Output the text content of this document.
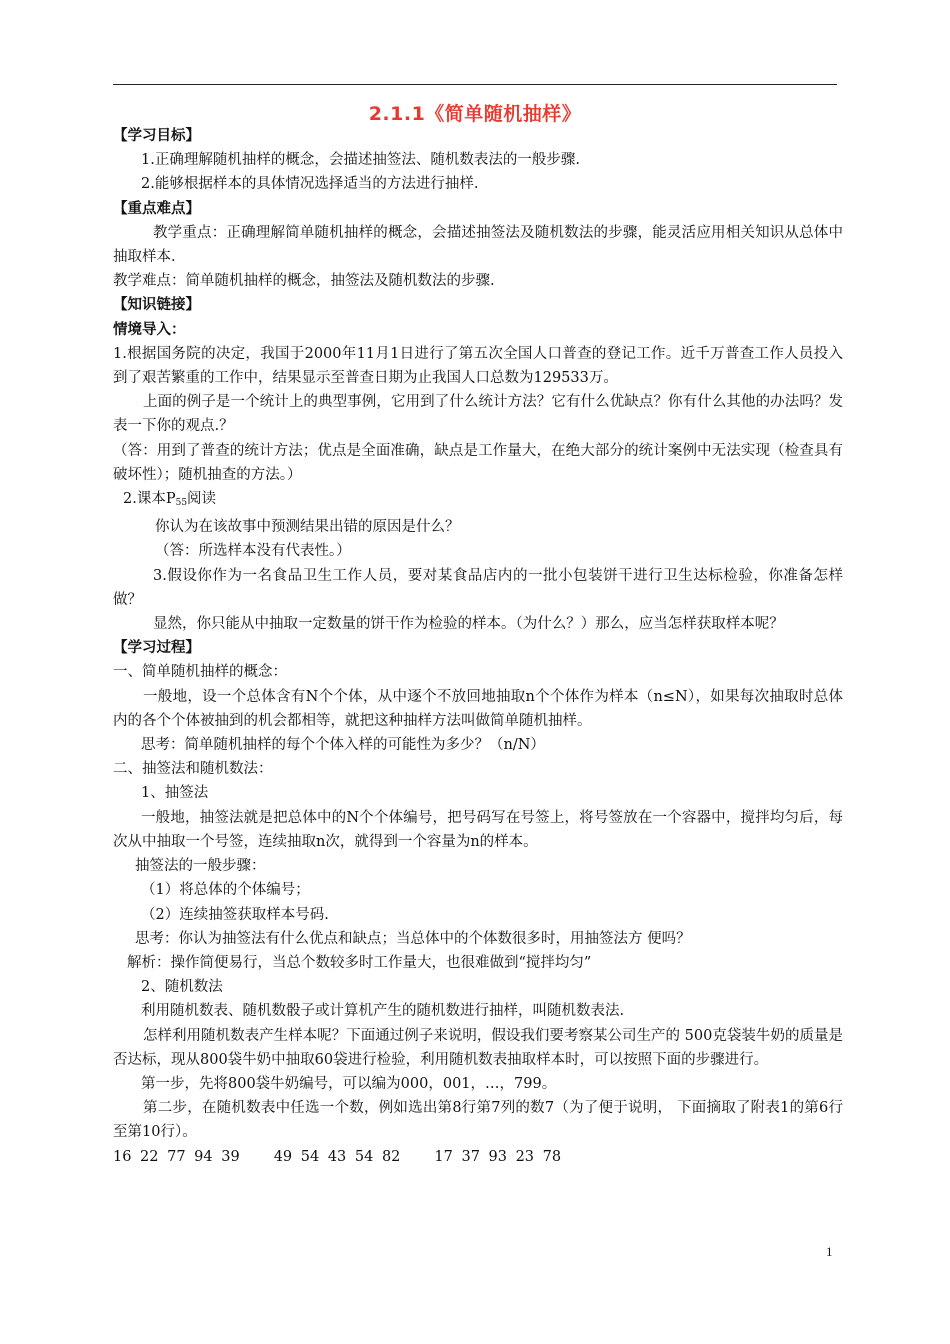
2.1.1《简单随机抽样》

【学习目标】

1.正确理解随机抽样的概念，会描述抽签法、随机数表法的一般步骤.

2.能够根据样本的具体情况选择适当的方法进行抽样.

【重点难点】

教学重点：正确理解简单随机抽样的概念，会描述抽签法及随机数法的步骤，能灵活应用相关知识从总体中抽取样本.

教学难点：简单随机抽样的概念，抽签法及随机数法的步骤.

【知识链接】

情境导入：

1.根据国务院的决定，我国于2000年11月1日进行了第五次全国人口普查的登记工作。近千万普查工作人员投入到了艰苦繁重的工作中，结果显示至普查日期为止我国人口总数为129533万。

上面的例子是一个统计上的典型事例，它用到了什么统计方法？它有什么优缺点？你有什么其他的办法吗？发表一下你的观点.？

（答：用到了普查的统计方法；优点是全面准确，缺点是工作量大，在绝大部分的统计案例中无法实现（检查具有破坏性）；随机抽查的方法。）

2.课本$P_{55}$阅读

你认为在该故事中预测结果出错的原因是什么？

（答：所选样本没有代表性。）

3.假设你作为一名食品卫生工作人员，要对某食品店内的一批小包装饼干进行卫生达标检验，你准备怎样做？

显然，你只能从中抽取一定数量的饼干作为检验的样本。（为什么？）那么，应当怎样获取样本呢？

【学习过程】

一、简单随机抽样的概念：

一般地，设一个总体含有N个个体，从中逐个不放回地抽取n个个体作为样本（n≤N），如果每次抽取时总体内的各个个体被抽到的机会都相等，就把这种抽样方法叫做简单随机抽样。

思考：简单随机抽样的每个个体入样的可能性为多少？（n/N）

二、抽签法和随机数法：

1、抽签法

一般地，抽签法就是把总体中的N个个体编号，把号码写在号签上，将号签放在一个容器中，搅拌均匀后，每次从中抽取一个号签，连续抽取n次，就得到一个容量为n的样本。

抽签法的一般步骤：

（1）将总体的个体编号；

（2）连续抽签获取样本号码.

思考：你认为抽签法有什么优点和缺点；当总体中的个体数很多时，用抽签法方 便吗？

解析：操作简便易行，当总个数较多时工作量大，也很难做到“搅拌均匀”

2、随机数法

利用随机数表、随机数骰子或计算机产生的随机数进行抽样，叫随机数表法.

怎样利用随机数表产生样本呢？下面通过例子来说明，假设我们要考察某公司生产的 500克袋装牛奶的质量是否达标，现从800袋牛奶中抽取60袋进行检验，利用随机数表抽取样本时，可以按照下面的步骤进行。

第一步，先将800袋牛奶编号，可以编为000，001，…，799。

第二步，在随机数表中任选一个数，例如选出第8行第7列的数7（为了便于说明， 下面摘取了附表1的第6行至第10行）。

16 22 77 94 39 49 54 43 54 82 17 37 93 23 78

1
